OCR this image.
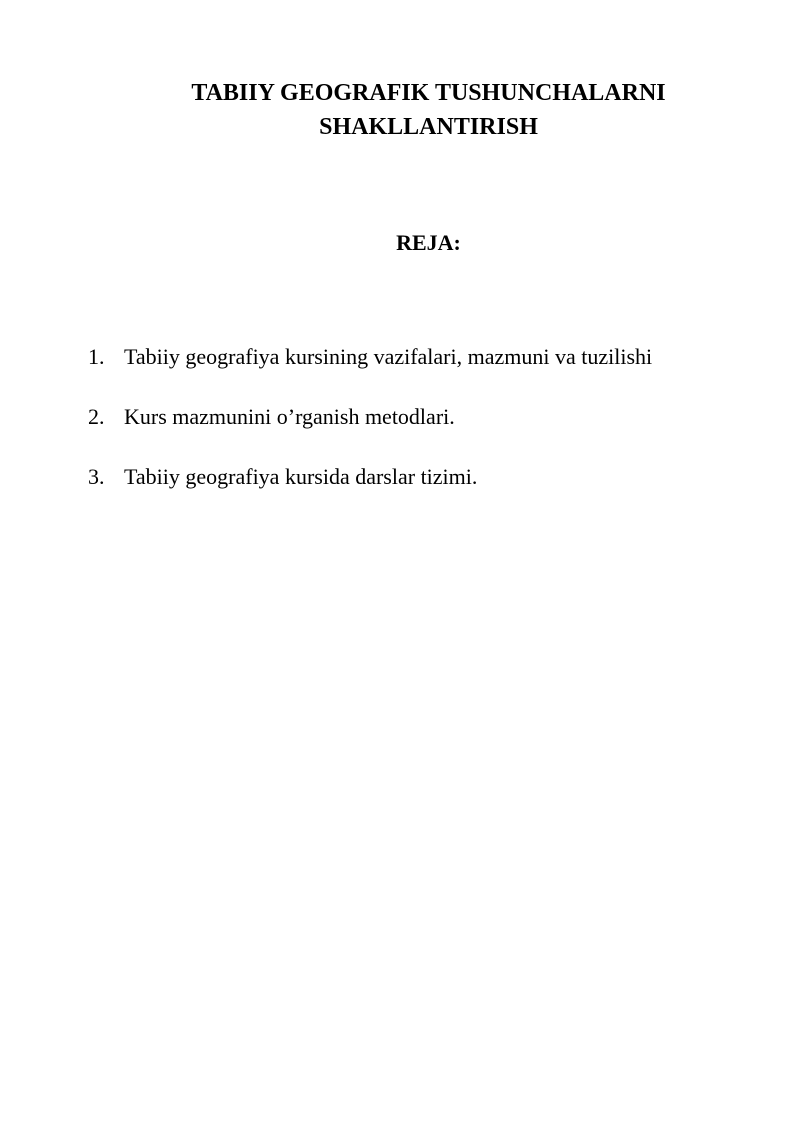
TABIIY GEOGRAFIK TUSHUNCHALARNI
SHAKLLANTIRISH
REJA:
1. Tabiiy geografiya kursining vazifalari, mazmuni va tuzilishi
2. Kurs mazmunini o’rganish metodlari.
3. Tabiiy geografiya kursida darslar tizimi.
